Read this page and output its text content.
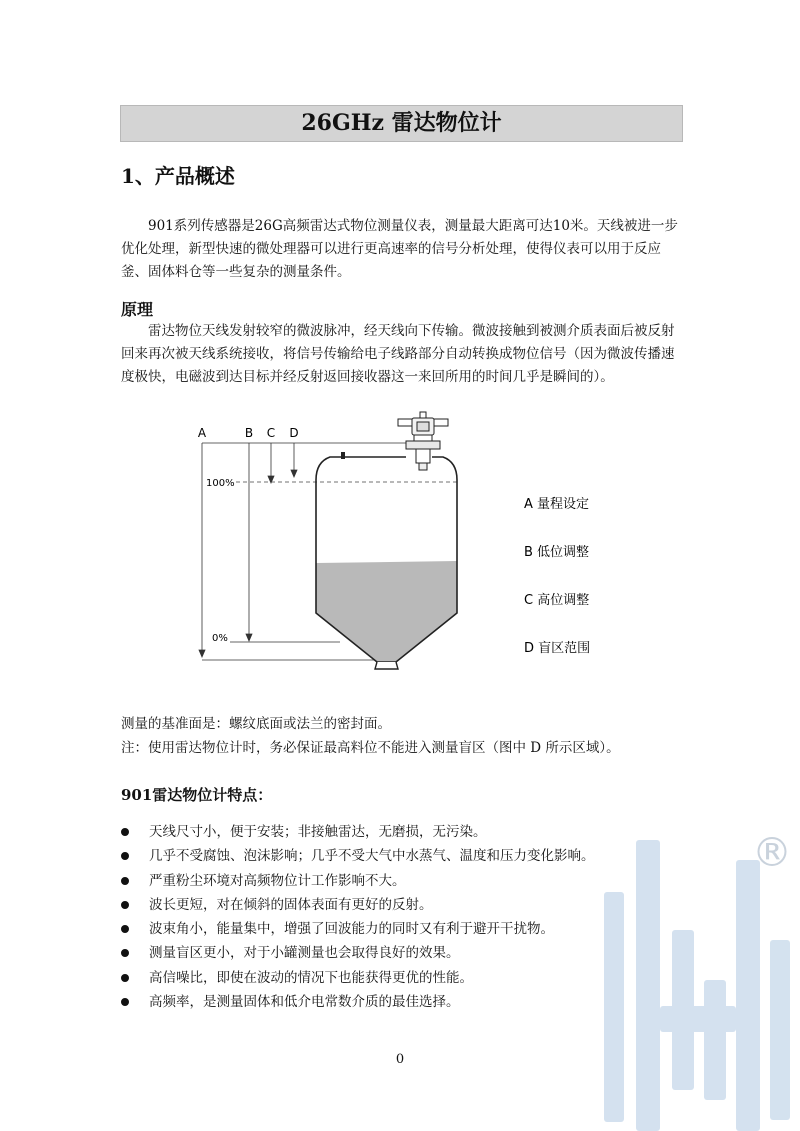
26GHz 雷达物位计
1、产品概述
901系列传感器是26G高频雷达式物位测量仪表，测量最大距离可达10米。天线被进一步优化处理，新型快速的微处理器可以进行更高速率的信号分析处理，使得仪表可以用于反应釜、固体料仓等一些复杂的测量条件。
原理
雷达物位天线发射较窄的微波脉冲，经天线向下传输。微波接触到被测介质表面后被反射回来再次被天线系统接收，将信号传输给电子线路部分自动转换成物位信号（因为微波传播速度极快，电磁波到达目标并经反射返回接收器这一来回所用的时间几乎是瞬间的）。
A	B C D
100%
0%
A 量程设定
B 低位调整
C 高位调整
D 盲区范围
测量的基准面是：螺纹底面或法兰的密封面。
注：使用雷达物位计时，务必保证最高料位不能进入测量盲区（图中 D 所示区域）。
901雷达物位计特点：
天线尺寸小，便于安装；非接触雷达，无磨损，无污染。
几乎不受腐蚀、泡沫影响；几乎不受大气中水蒸气、温度和压力变化影响。
严重粉尘环境对高频物位计工作影响不大。
波长更短，对在倾斜的固体表面有更好的反射。
波束角小，能量集中，增强了回波能力的同时又有利于避开干扰物。
测量盲区更小，对于小罐测量也会取得良好的效果。
高信噪比，即使在波动的情况下也能获得更优的性能。
高频率，是测量固体和低介电常数介质的最佳选择。
®
0
